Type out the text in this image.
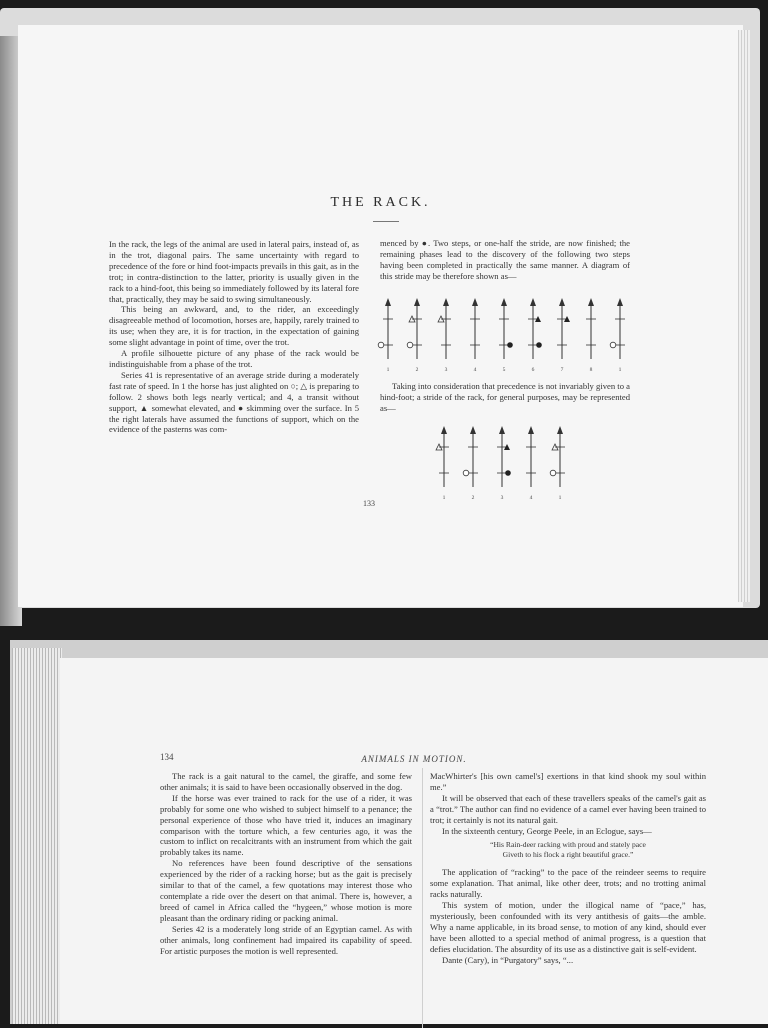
THE RACK.

In the rack, the legs of the animal are used in lateral pairs, instead of, as in the trot, diagonal pairs. The same uncertainty with regard to precedence of the fore or hind foot-impacts prevails in this gait, as in the trot; in contra-distinction to the latter, priority is usually given in the rack to a hind-foot, this being so immediately followed by its lateral fore that, practically, they may be said to swing simultaneously.

This being an awkward, and, to the rider, an exceedingly disagreeable method of locomotion, horses are, happily, rarely trained to its use; when they are, it is for traction, in the expectation of gaining some slight advantage in point of time, over the trot.

A profile silhouette picture of any phase of the rack would be indistinguishable from a phase of the trot.

Series 41 is representative of an average stride during a moderately fast rate of speed. In 1 the horse has just alighted on ○; △ is preparing to follow. 2 shows both legs nearly vertical; and 4, a transit without support, ▲ somewhat elevated, and ● skimming over the surface. In 5 the right laterals have assumed the functions of support, which on the evidence of the pasterns was com-

menced by ●. Two steps, or one-half the stride, are now finished; the remaining phases lead to the discovery of the following two steps having been completed in practically the same manner. A diagram of this stride may be therefore shown as—

1	2	3	4	5	6	7	8	1

Taking into consideration that precedence is not invariably given to a hind-foot; a stride of the rack, for general purposes, may be represented as—

1	2	3	4	1
133
134	ANIMALS IN MOTION.

The rack is a gait natural to the camel, the giraffe, and some few other animals; it is said to have been occasionally observed in the dog.

If the horse was ever trained to rack for the use of a rider, it was probably for some one who wished to subject himself to a penance; the personal experience of those who have tried it, induces an imaginary comparison with the torture which, a few centuries ago, it was the custom to inflict on recalcitrants with an instrument from which the gait probably takes its name.

No references have been found descriptive of the sensations experienced by the rider of a racking horse; but as the gait is precisely similar to that of the camel, a few quotations may interest those who contemplate a ride over the desert on that animal. There is, however, a breed of camel in Africa called the “hygeen,” whose motion is more pleasant than the ordinary riding or packing animal.

Series 42 is a moderately long stride of an Egyptian camel. As with other animals, long confinement had impaired its capability of speed. For artistic purposes the motion is well represented.

MacWhirter's [his own camel's] exertions in that kind shook my soul within me.”

It will be observed that each of these travellers speaks of the camel's gait as a “trot.” The author can find no evidence of a camel ever having been trained to trot; it certainly is not its natural gait.

In the sixteenth century, George Peele, in an Eclogue, says—

“His Rain-deer racking with proud and stately pace
Giveth to his flock a right beautiful grace.”

The application of “racking” to the pace of the reindeer seems to require some explanation. That animal, like other deer, trots; and no trotting animal racks naturally.

This system of motion, under the illogical name of “pace,” has, mysteriously, been confounded with its very antithesis of gaits—the amble. Why a name applicable, in its broad sense, to motion of any kind, should ever have been allotted to a special method of animal progress, is a question that defies elucidation. The absurdity of its use as a distinctive gait is self-evident.

Dante (Cary), in “Purgatory” says, “...
